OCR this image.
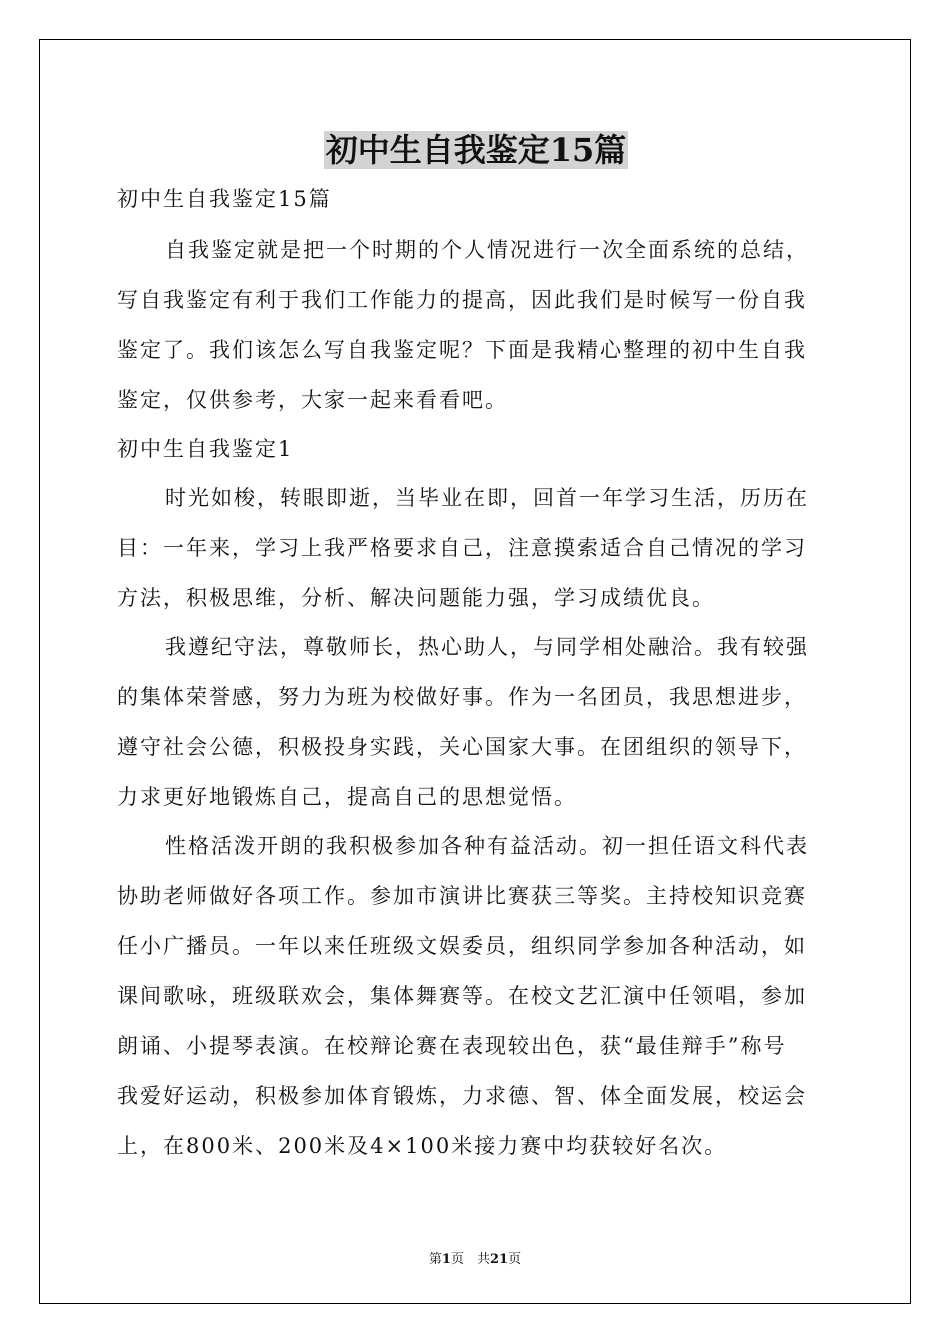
初中生自我鉴定15篇

初中生自我鉴定15篇

自我鉴定就是把一个时期的个人情况进行一次全面系统的总结，

写自我鉴定有利于我们工作能力的提高，因此我们是时候写一份自我

鉴定了。我们该怎么写自我鉴定呢？下面是我精心整理的初中生自我

鉴定，仅供参考，大家一起来看看吧。

初中生自我鉴定1

时光如梭，转眼即逝，当毕业在即，回首一年学习生活，历历在

目：一年来，学习上我严格要求自己，注意摸索适合自己情况的学习

方法，积极思维，分析、解决问题能力强，学习成绩优良。

我遵纪守法，尊敬师长，热心助人，与同学相处融洽。我有较强

的集体荣誉感，努力为班为校做好事。作为一名团员，我思想进步，

遵守社会公德，积极投身实践，关心国家大事。在团组织的领导下，

力求更好地锻炼自己，提高自己的思想觉悟。

性格活泼开朗的我积极参加各种有益活动。初一担任语文科代表

协助老师做好各项工作。参加市演讲比赛获三等奖。主持校知识竞赛

任小广播员。一年以来任班级文娱委员，组织同学参加各种活动，如

课间歌咏，班级联欢会，集体舞赛等。在校文艺汇演中任领唱，参加

朗诵、小提琴表演。在校辩论赛在表现较出色，获“最佳辩手”称号

我爱好运动，积极参加体育锻炼，力求德、智、体全面发展，校运会

上，在800米、200米及4×100米接力赛中均获较好名次。

第1页　共21页
